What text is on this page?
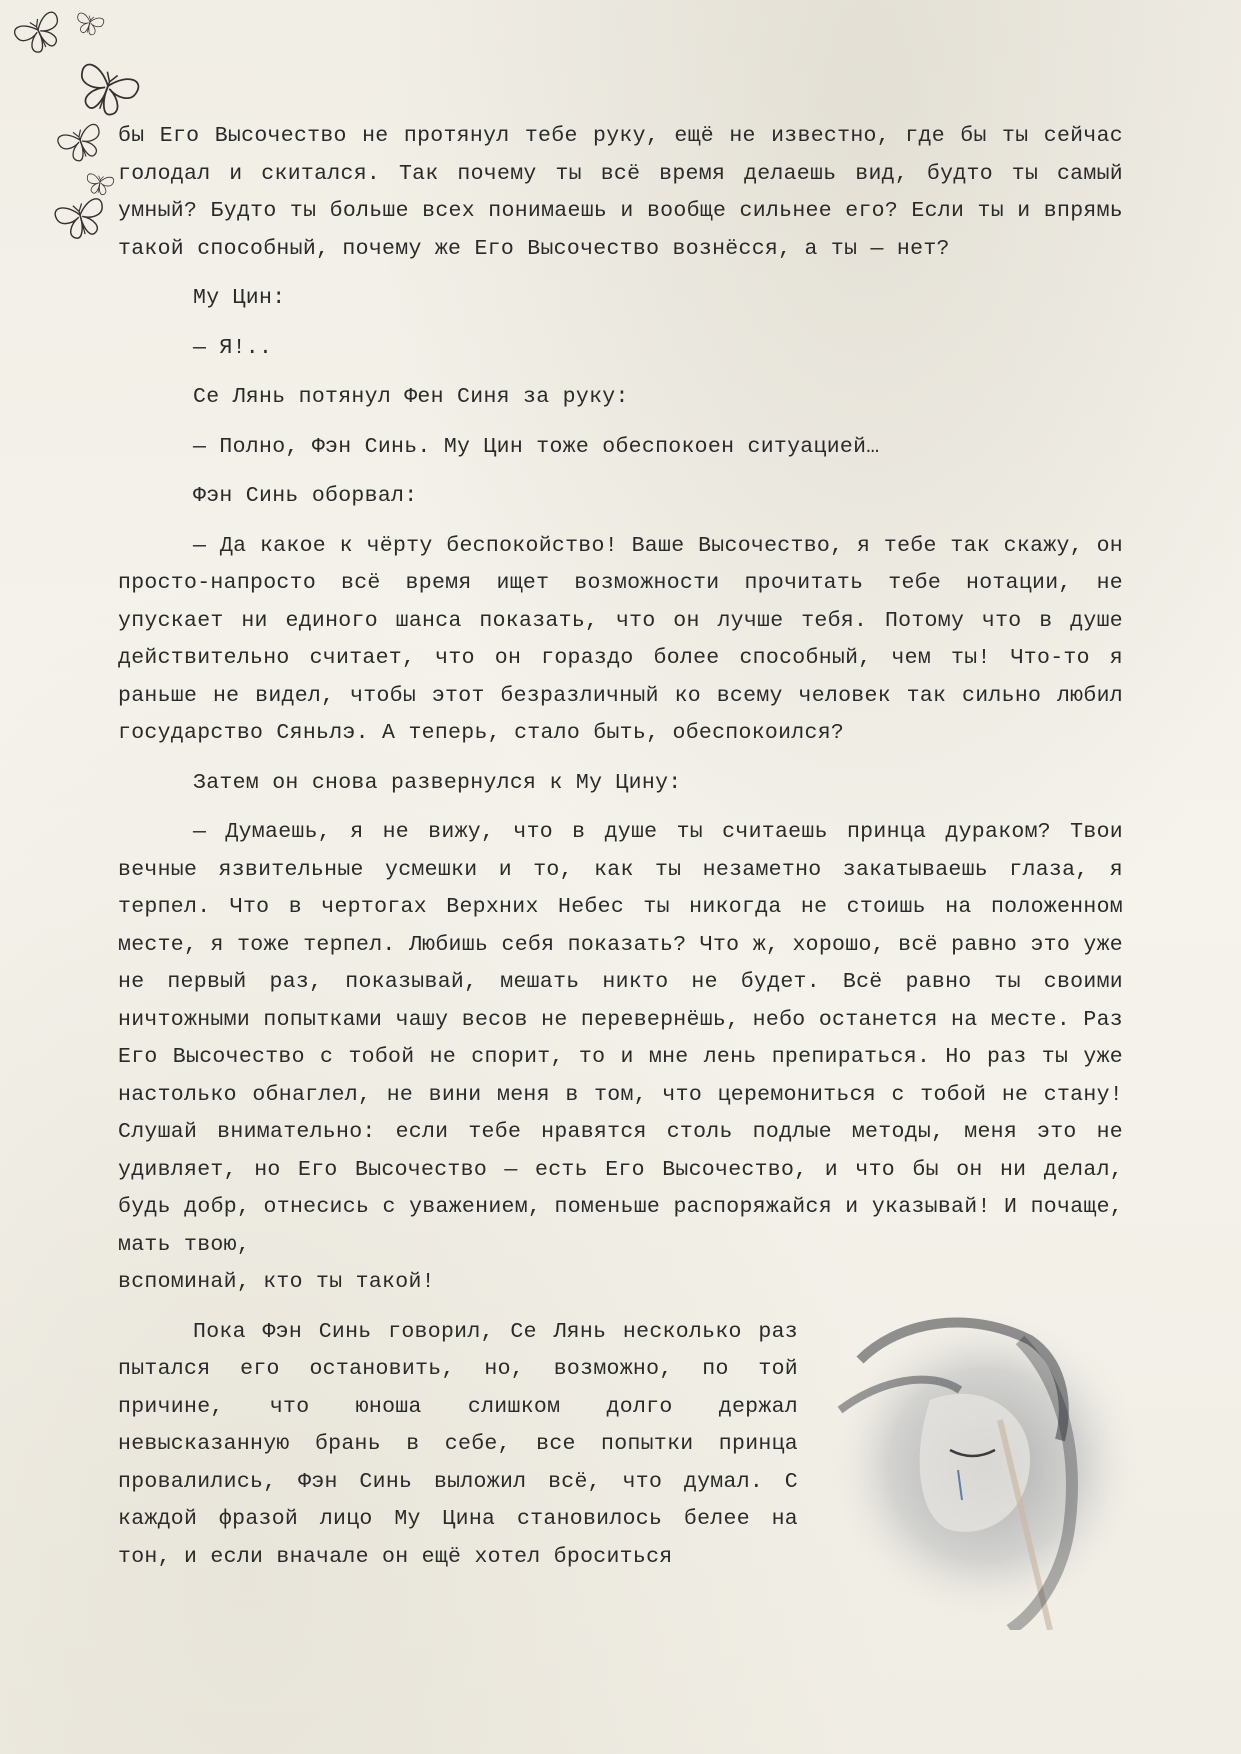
бы Его Высочество не протянул тебе руку, ещё не известно, где бы ты сейчас голодал и скитался. Так почему ты всё время делаешь вид, будто ты самый умный? Будто ты больше всех понимаешь и вообще сильнее его? Если ты и впрямь такой способный, почему же Его Высочество вознёсся, а ты — нет?

Му Цин:

— Я!..

Се Лянь потянул Фен Синя за руку:

— Полно, Фэн Синь. Му Цин тоже обеспокоен ситуацией…

Фэн Синь оборвал:

— Да какое к чёрту беспокойство! Ваше Высочество, я тебе так скажу, он просто-напросто всё время ищет возможности прочитать тебе нотации, не упускает ни единого шанса показать, что он лучше тебя. Потому что в душе действительно считает, что он гораздо более способный, чем ты! Что-то я раньше не видел, чтобы этот безразличный ко всему человек так сильно любил государство Сяньлэ. А теперь, стало быть, обеспокоился?

Затем он снова развернулся к Му Цину:

— Думаешь, я не вижу, что в душе ты считаешь принца дураком? Твои вечные язвительные усмешки и то, как ты незаметно закатываешь глаза, я терпел. Что в чертогах Верхних Небес ты никогда не стоишь на положенном месте, я тоже терпел. Любишь себя показать? Что ж, хорошо, всё равно это уже не первый раз, показывай, мешать никто не будет. Всё равно ты своими ничтожными попытками чашу весов не перевернёшь, небо останется на месте. Раз Его Высочество с тобой не спорит, то и мне лень препираться. Но раз ты уже настолько обнаглел, не вини меня в том, что церемониться с тобой не стану! Слушай внимательно: если тебе нравятся столь подлые методы, меня это не удивляет, но Его Высочество — есть Его Высочество, и что бы он ни делал, будь добр, отнесись с уважением, поменьше распоряжайся и указывай! И почаще, мать твою,

вспоминай, кто ты такой!

Пока Фэн Синь говорил, Се Лянь несколько раз пытался его остановить, но, возможно, по той причине, что юноша слишком долго держал невысказанную брань в себе, все попытки принца провалились, Фэн Синь выложил всё, что думал. С каждой фразой лицо Му Цина становилось белее на тон, и если вначале он ещё хотел броситься
